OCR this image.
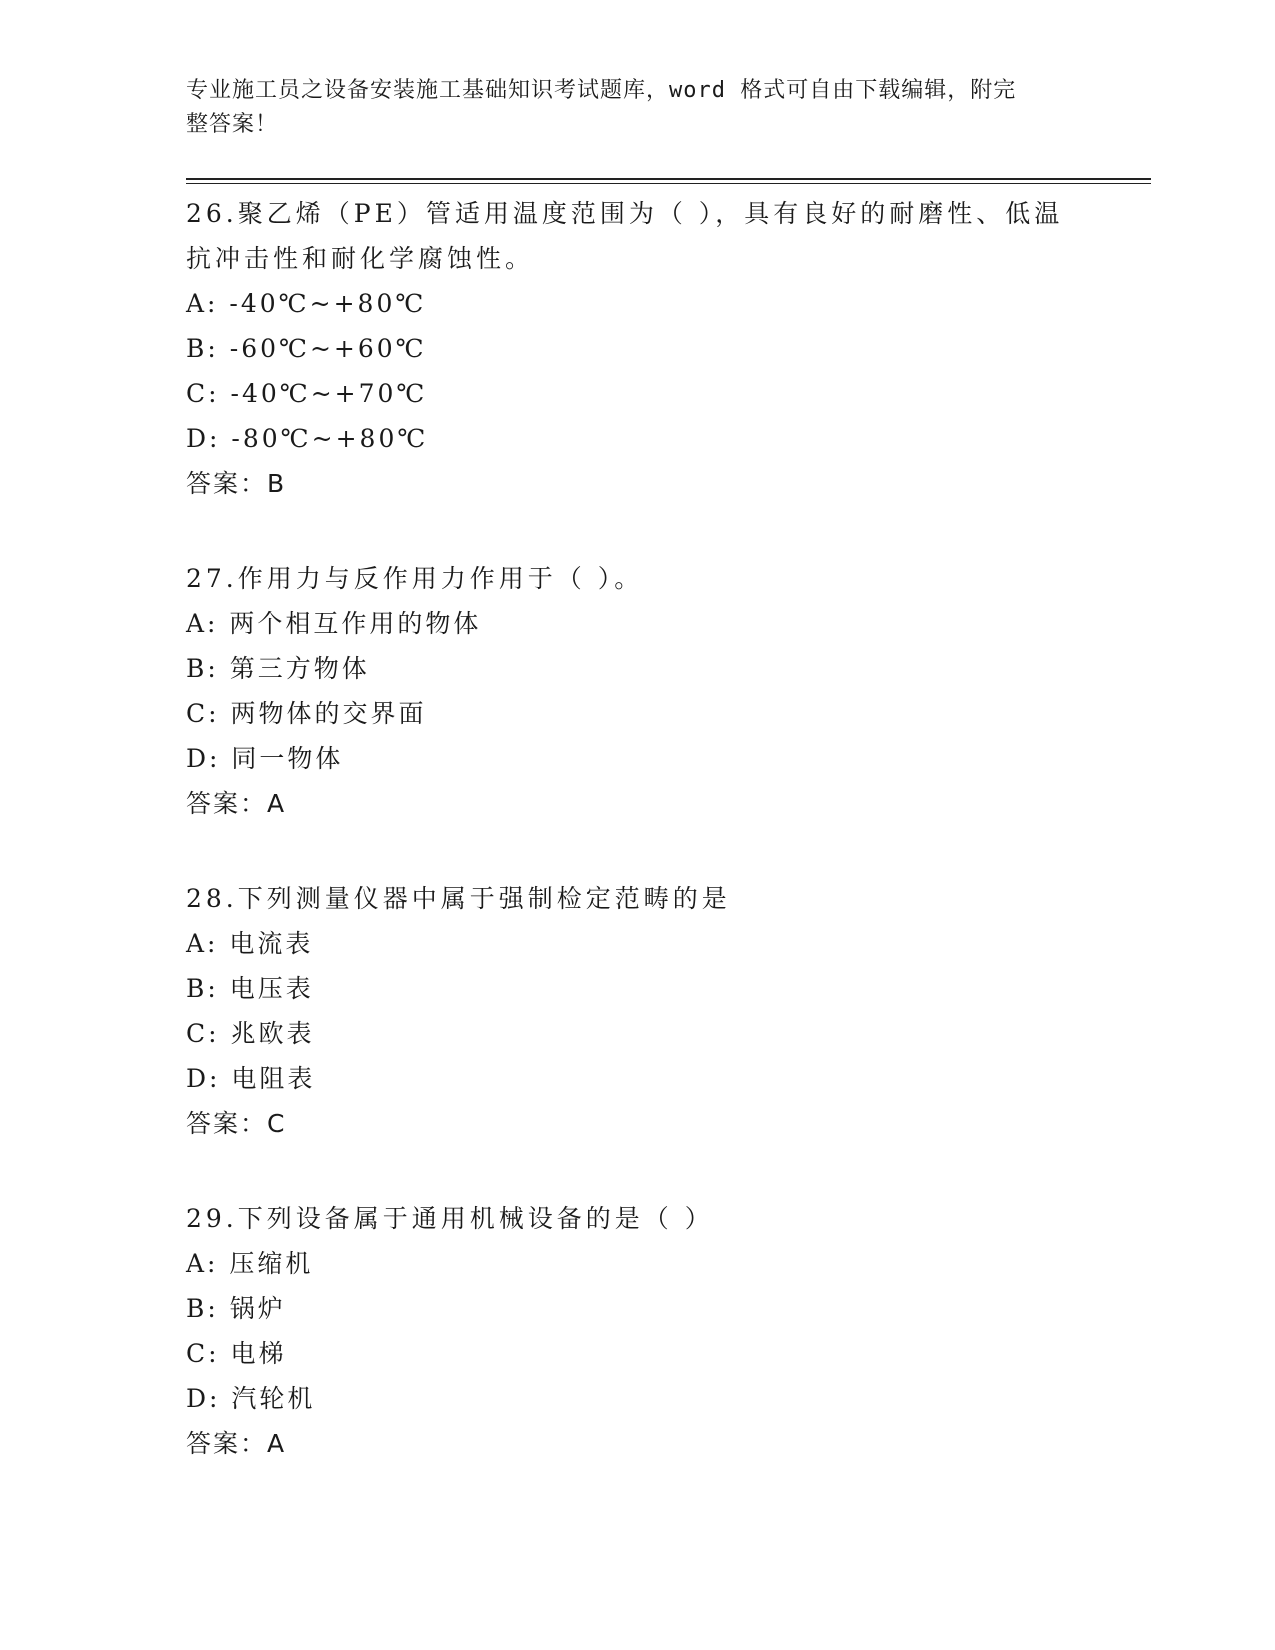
专业施工员之设备安装施工基础知识考试题库，word 格式可自由下载编辑，附完
整答案！

26.聚乙烯（PE）管适用温度范围为（ ），具有良好的耐磨性、低温
抗冲击性和耐化学腐蚀性。

A: -40℃~+80℃

B: -60℃~+60℃

C: -40℃~+70℃

D: -80℃~+80℃

答案：B

27.作用力与反作用力作用于（ ）。

A: 两个相互作用的物体

B: 第三方物体

C: 两物体的交界面

D: 同一物体

答案：A

28.下列测量仪器中属于强制检定范畴的是

A: 电流表

B: 电压表

C: 兆欧表

D: 电阻表

答案：C

29.下列设备属于通用机械设备的是（ ）

A: 压缩机

B: 锅炉

C: 电梯

D: 汽轮机

答案：A
